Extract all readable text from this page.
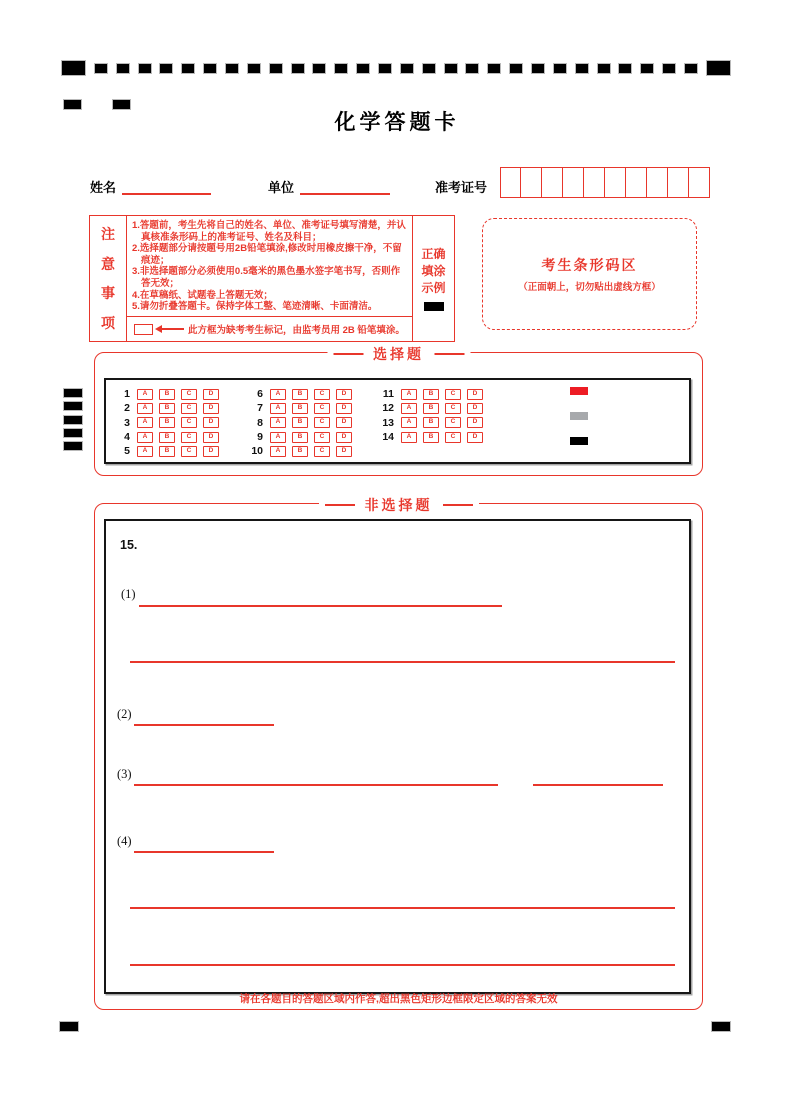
化学答题卡
姓名	单位	准考证号
注
意
事
项
1.答题前，考生先将自己的姓名、单位、准考证号填写清楚，并认真核准条形码上的准考证号、姓名及科目；
2.选择题部分请按题号用2B铅笔填涂,修改时用橡皮擦干净，不留痕迹；
3.非选择题部分必须使用0.5毫米的黑色墨水签字笔书写，否则作答无效；
4.在草稿纸、试题卷上答题无效；
5.请勿折叠答题卡。保持字体工整、笔迹清晰、卡面清洁。
此方框为缺考考生标记，由监考员用 2B 铅笔填涂。
正确
填涂
示例
考生条形码区
（正面朝上，切勿贴出虚线方框）
选择题
1	A	B	C	D
2	A	B	C	D
3	A	B	C	D
4	A	B	C	D
5	A	B	C	D
6	A	B	C	D
7	A	B	C	D
8	A	B	C	D
9	A	B	C	D
10	A	B	C	D
11	A	B	C	D
12	A	B	C	D
13	A	B	C	D
14	A	B	C	D
非选择题
15.
(1)
(2)
(3)
(4)
请在各题目的答题区域内作答,超出黑色矩形边框限定区域的答案无效
